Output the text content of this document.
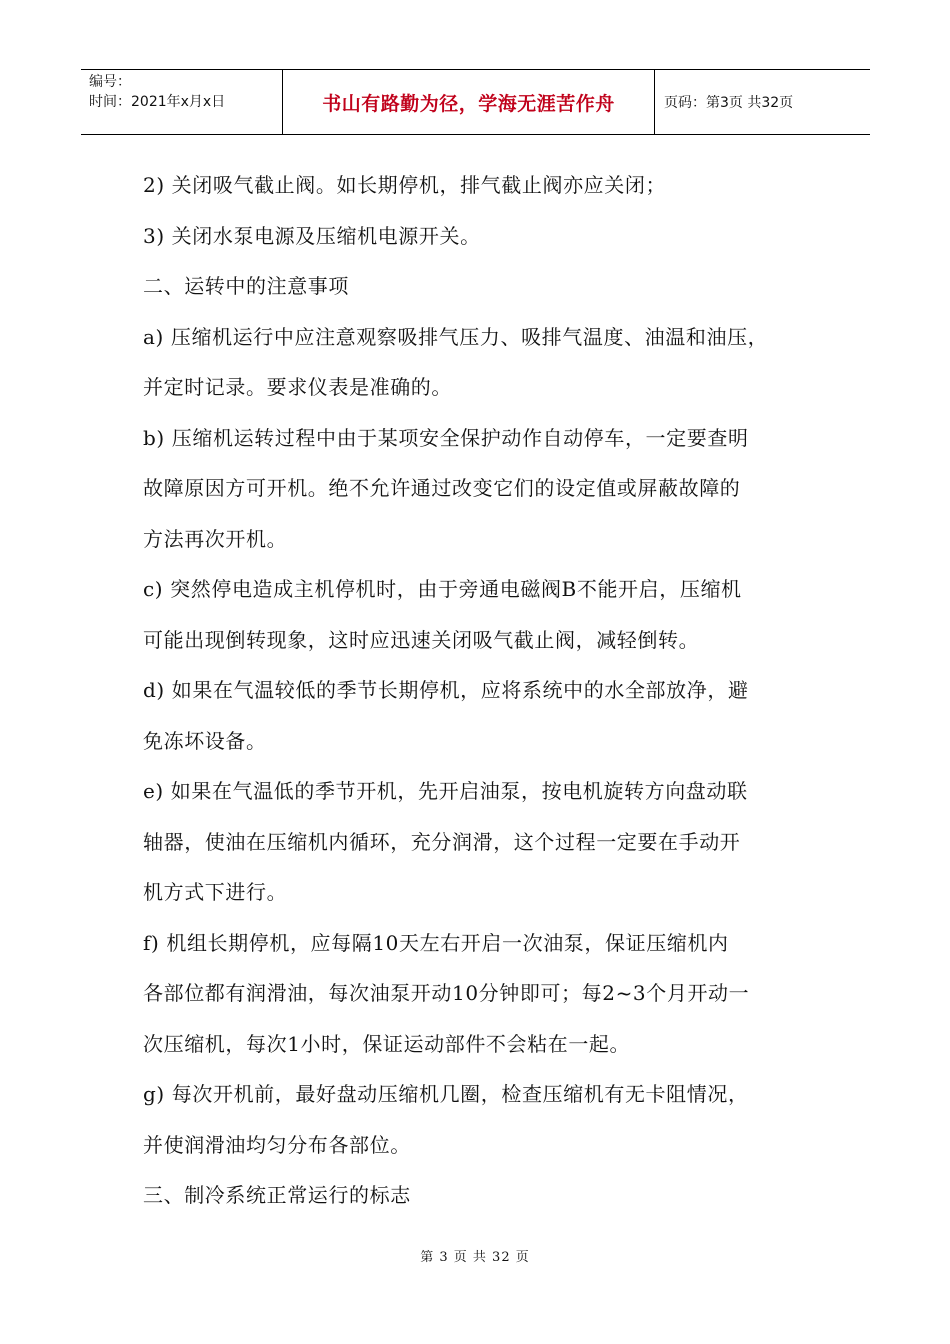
编号：
时间：2021年x月x日	书山有路勤为径，学海无涯苦作舟	页码：第3页 共32页
2) 关闭吸气截止阀。如长期停机，排气截止阀亦应关闭；
3) 关闭水泵电源及压缩机电源开关。
二、运转中的注意事项
a) 压缩机运行中应注意观察吸排气压力、吸排气温度、油温和油压，
并定时记录。要求仪表是准确的。
b) 压缩机运转过程中由于某项安全保护动作自动停车，一定要查明
故障原因方可开机。绝不允许通过改变它们的设定值或屏蔽故障的
方法再次开机。
c) 突然停电造成主机停机时，由于旁通电磁阀B不能开启，压缩机
可能出现倒转现象，这时应迅速关闭吸气截止阀，减轻倒转。
d) 如果在气温较低的季节长期停机，应将系统中的水全部放净，避
免冻坏设备。
e) 如果在气温低的季节开机，先开启油泵，按电机旋转方向盘动联
轴器，使油在压缩机内循环，充分润滑，这个过程一定要在手动开
机方式下进行。
f) 机组长期停机，应每隔10天左右开启一次油泵，保证压缩机内
各部位都有润滑油，每次油泵开动10分钟即可；每2~3个月开动一
次压缩机，每次1小时，保证运动部件不会粘在一起。
g) 每次开机前，最好盘动压缩机几圈，检查压缩机有无卡阻情况，
并使润滑油均匀分布各部位。
三、制冷系统正常运行的标志
第 3 页 共 32 页
